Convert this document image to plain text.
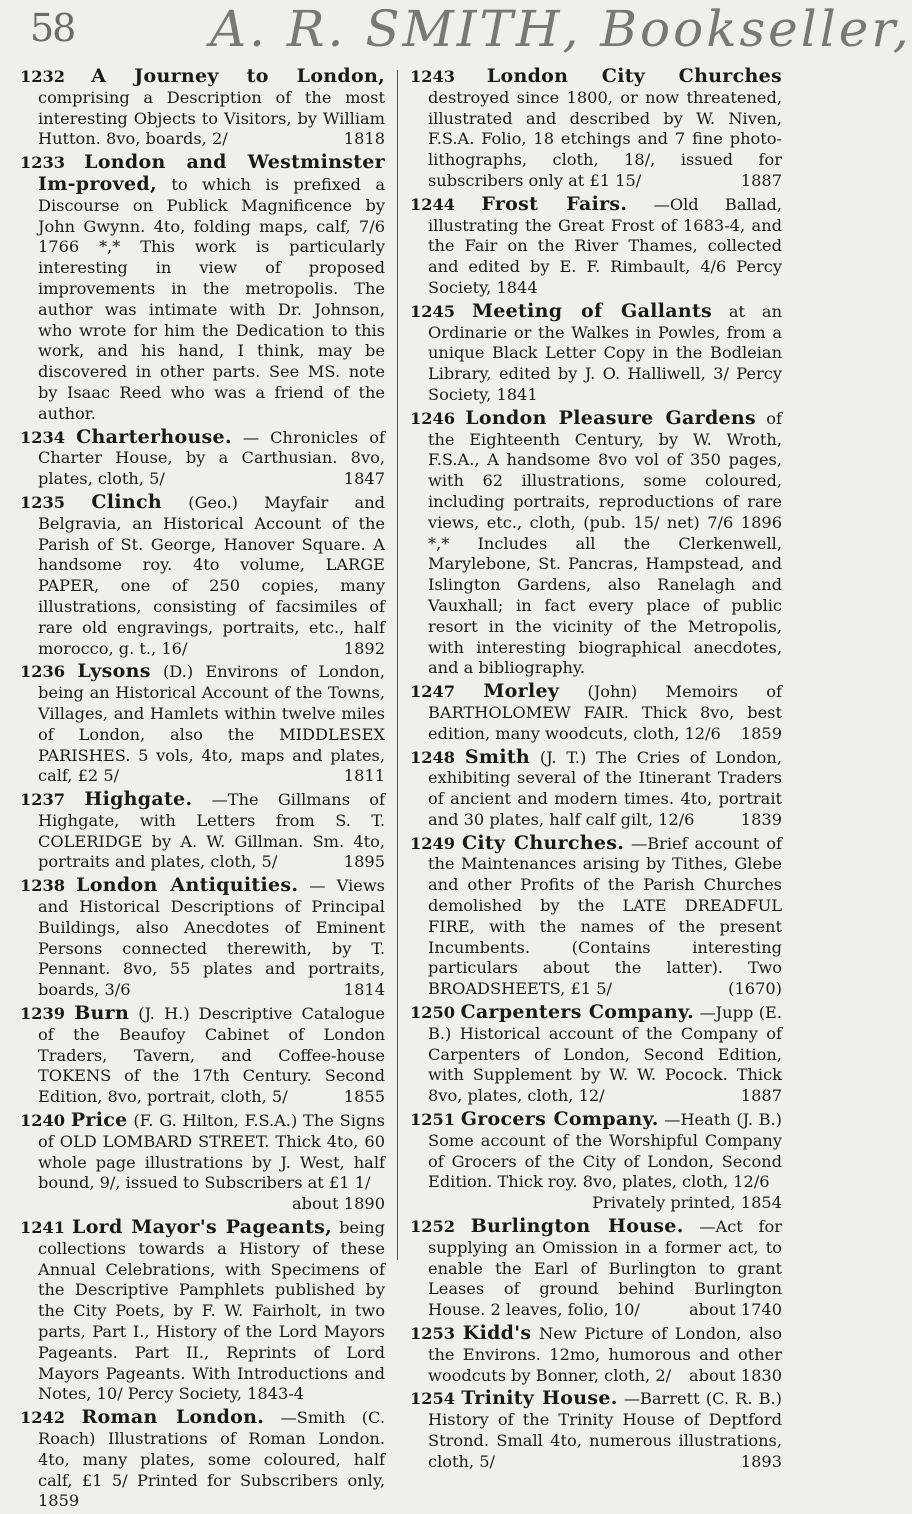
58	A. R. SMITH, Bookseller,
1232 A Journey to London, comprising a Description of the most interesting Objects to Visitors, by William Hutton. 8vo, boards, 2/	1818
1233 London and Westminster Im-proved, to which is prefixed a Discourse on Publick Magnificence by John Gwynn. 4to, folding maps, calf, 7/6 1766 *,* This work is particularly interesting in view of proposed improvements in the metropolis. The author was intimate with Dr. Johnson, who wrote for him the Dedication to this work, and his hand, I think, may be discovered in other parts. See MS. note by Isaac Reed who was a friend of the author.
1234 Charterhouse. — Chronicles of Charter House, by a Carthusian. 8vo, plates, cloth, 5/	1847
1235 Clinch (Geo.) Mayfair and Belgravia, an Historical Account of the Parish of St. George, Hanover Square. A handsome roy. 4to volume, LARGE PAPER, one of 250 copies, many illustrations, consisting of facsimiles of rare old engravings, portraits, etc., half morocco, g. t., 16/	1892
1236 Lysons (D.) Environs of London, being an Historical Account of the Towns, Villages, and Hamlets within twelve miles of London, also the MIDDLESEX PARISHES. 5 vols, 4to, maps and plates, calf, £2 5/	1811
1237 Highgate. —The Gillmans of Highgate, with Letters from S. T. COLERIDGE by A. W. Gillman. Sm. 4to, portraits and plates, cloth, 5/	1895
1238 London Antiquities. — Views and Historical Descriptions of Principal Buildings, also Anecdotes of Eminent Persons connected therewith, by T. Pennant. 8vo, 55 plates and portraits, boards, 3/6	1814
1239 Burn (J. H.) Descriptive Catalogue of the Beaufoy Cabinet of London Traders, Tavern, and Coffee-house TOKENS of the 17th Century. Second Edition, 8vo, portrait, cloth, 5/	1855
1240 Price (F. G. Hilton, F.S.A.) The Signs of OLD LOMBARD STREET. Thick 4to, 60 whole page illustrations by J. West, half bound, 9/, issued to Subscribers at £1 1/
about 1890
1241 Lord Mayor's Pageants, being collections towards a History of these Annual Celebrations, with Specimens of the Descriptive Pamphlets published by the City Poets, by F. W. Fairholt, in two parts, Part I., History of the Lord Mayors Pageants. Part II., Reprints of Lord Mayors Pageants. With Introductions and Notes, 10/ Percy Society, 1843-4
1242 Roman London. —Smith (C. Roach) Illustrations of Roman London. 4to, many plates, some coloured, half calf, £1 5/ Printed for Subscribers only, 1859
1243 London City Churches destroyed since 1800, or now threatened, illustrated and described by W. Niven, F.S.A. Folio, 18 etchings and 7 fine photo-lithographs, cloth, 18/, issued for subscribers only at £1 15/	1887
1244 Frost Fairs. —Old Ballad, illustrating the Great Frost of 1683-4, and the Fair on the River Thames, collected and edited by E. F. Rimbault, 4/6 Percy Society, 1844
1245 Meeting of Gallants at an Ordinarie or the Walkes in Powles, from a unique Black Letter Copy in the Bodleian Library, edited by J. O. Halliwell, 3/ Percy Society, 1841
1246 London Pleasure Gardens of the Eighteenth Century, by W. Wroth, F.S.A., A handsome 8vo vol of 350 pages, with 62 illustrations, some coloured, including portraits, reproductions of rare views, etc., cloth, (pub. 15/ net) 7/6 1896 *,* Includes all the Clerkenwell, Marylebone, St. Pancras, Hampstead, and Islington Gardens, also Ranelagh and Vauxhall; in fact every place of public resort in the vicinity of the Metropolis, with interesting biographical anecdotes, and a bibliography.
1247 Morley (John) Memoirs of BARTHOLOMEW FAIR. Thick 8vo, best edition, many woodcuts, cloth, 12/6 1859
1248 Smith (J. T.) The Cries of London, exhibiting several of the Itinerant Traders of ancient and modern times. 4to, portrait and 30 plates, half calf gilt, 12/6	1839
1249 City Churches. —Brief account of the Maintenances arising by Tithes, Glebe and other Profits of the Parish Churches demolished by the LATE DREADFUL FIRE, with the names of the present Incumbents. (Contains interesting particulars about the latter). Two BROADSHEETS, £1 5/	(1670)
1250 Carpenters Company. —Jupp (E. B.) Historical account of the Company of Carpenters of London, Second Edition, with Supplement by W. W. Pocock. Thick 8vo, plates, cloth, 12/	1887
1251 Grocers Company. —Heath (J. B.) Some account of the Worshipful Company of Grocers of the City of London, Second Edition. Thick roy. 8vo, plates, cloth, 12/6
Privately printed, 1854
1252 Burlington House. —Act for supplying an Omission in a former act, to enable the Earl of Burlington to grant Leases of ground behind Burlington House. 2 leaves, folio, 10/	about 1740
1253 Kidd's New Picture of London, also the Environs. 12mo, humorous and other woodcuts by Bonner, cloth, 2/ about 1830
1254 Trinity House. —Barrett (C. R. B.) History of the Trinity House of Deptford Strond. Small 4to, numerous illustrations, cloth, 5/	1893
